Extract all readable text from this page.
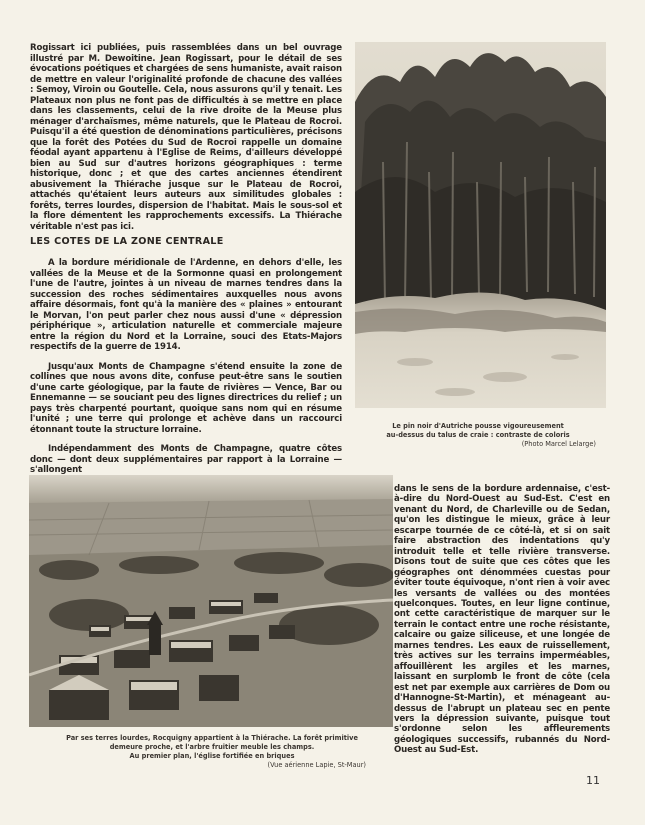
Rogissart ici publiées, puis rassemblées dans un bel ouvrage illustré par M. Dewoitine. Jean Rogissart, pour le détail de ses évocations poétiques et chargées de sens humaniste, avait raison de mettre en valeur l'originalité profonde de chacune des vallées : Semoy, Viroin ou Goutelle. Cela, nous assurons qu'il y tenait. Les Plateaux non plus ne font pas de difficultés à se mettre en place dans les classements, celui de la rive droite de la Meuse plus ménager d'archaïsmes, même naturels, que le Plateau de Rocroi. Puisqu'il a été question de dénominations particulières, précisons que la forêt des Potées du Sud de Rocroi rappelle un domaine féodal ayant appartenu à l'Eglise de Reims, d'ailleurs développé bien au Sud sur d'autres horizons géographiques : terme historique, donc ; et que des cartes anciennes étendirent abusivement la Thiérache jusque sur le Plateau de Rocroi, attachés qu'étaient leurs auteurs aux similitudes globales : forêts, terres lourdes, dispersion de l'habitat. Mais le sous-sol et la flore démentent les rapprochements excessifs. La Thiérache véritable n'est pas ici.

LES COTES DE LA ZONE CENTRALE

A la bordure méridionale de l'Ardenne, en dehors d'elle, les vallées de la Meuse et de la Sormonne quasi en prolongement l'une de l'autre, jointes à un niveau de marnes tendres dans la succession des roches sédimentaires auxquelles nous avons affaire désormais, font qu'à la manière des « plaines » entourant le Morvan, l'on peut parler chez nous aussi d'une « dépression périphérique », articulation naturelle et commerciale majeure entre la région du Nord et la Lorraine, souci des Etats-Majors respectifs de la guerre de 1914.

Jusqu'aux Monts de Champagne s'étend ensuite la zone de collines que nous avons dite, confuse peut-être sans le soutien d'une carte géologique, par la faute de rivières — Vence, Bar ou Ennemanne — se souciant peu des lignes directrices du relief ; un pays très charpenté pourtant, quoique sans nom qui en résume l'unité ; une terre qui prolonge et achève dans un raccourci étonnant toute la structure lorraine.

Indépendamment des Monts de Champagne, quatre côtes donc — dont deux supplémentaires par rapport à la Lorraine — s'allongent

Le pin noir d'Autriche pousse vigoureusement
au-dessus du talus de craie : contraste de coloris
(Photo Marcel Lelarge)
Par ses terres lourdes, Rocquigny appartient à la Thiérache. La forêt primitive
demeure proche, et l'arbre fruitier meuble les champs.
Au premier plan, l'église fortifiée en briques
(Vue aérienne Lapie, St-Maur)

dans le sens de la bordure ardennaise, c'est-à-dire du Nord-Ouest au Sud-Est. C'est en venant du Nord, de Charleville ou de Sedan, qu'on les distingue le mieux, grâce à leur escarpe tournée de ce côté-là, et si on sait faire abstraction des indentations qu'y introduit telle et telle rivière transverse. Disons tout de suite que ces côtes que les géographes ont dénommées cuestas pour éviter toute équivoque, n'ont rien à voir avec les versants de vallées ou des montées quelconques. Toutes, en leur ligne continue, ont cette caractéristique de marquer sur le terrain le contact entre une roche résistante, calcaire ou gaize siliceuse, et une longée de marnes tendres. Les eaux de ruissellement, très actives sur les terrains imperméables, affouillèrent les argiles et les marnes, laissant en surplomb le front de côte (cela est net par exemple aux carrières de Dom ou d'Hannogne-St-Martin), et ménageant au-dessus de l'abrupt un plateau sec en pente vers la dépression suivante, puisque tout s'ordonne selon les affleurements géologiques successifs, rubannés du Nord-Ouest au Sud-Est.

11
